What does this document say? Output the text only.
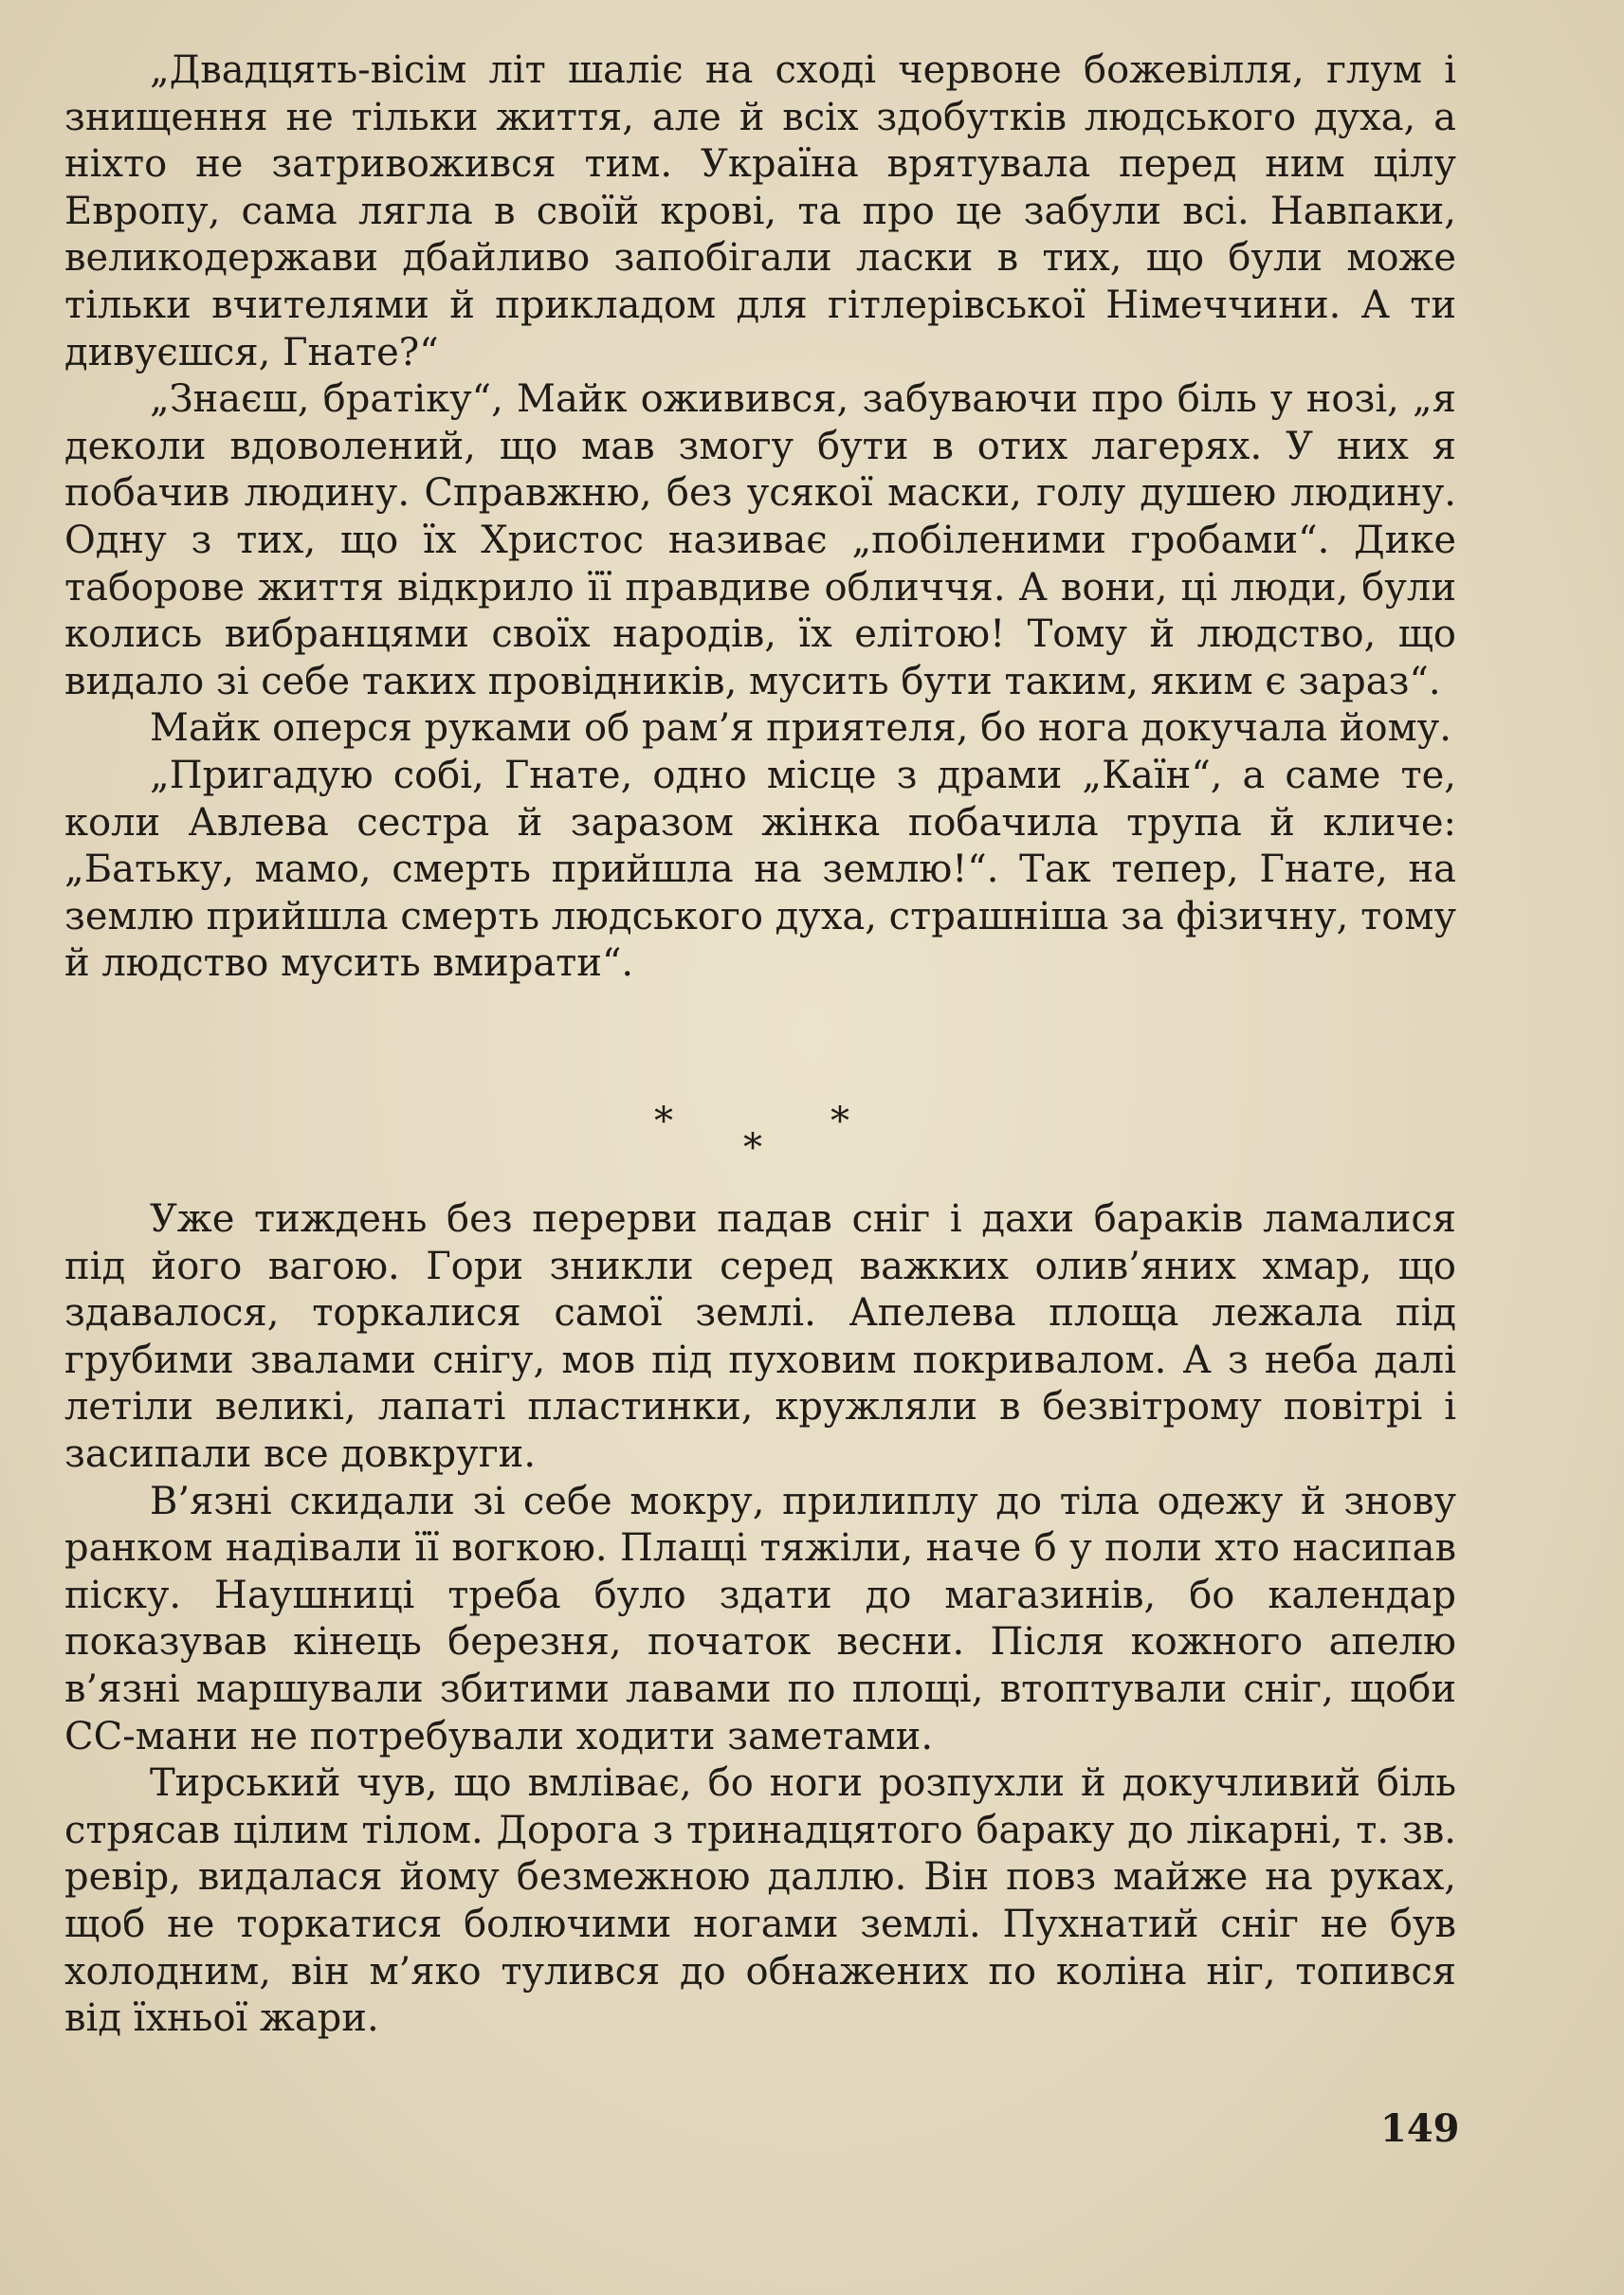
„Двадцять-вісім літ шаліє на сході червоне божевілля, глум і знищення не тільки життя, але й всіх здобутків людського духа, а ніхто не затривожився тим. Україна врятувала перед ним цілу Европу, сама лягла в своїй крові, та про це забули всі. Навпаки, великодержави дбайливо запобігали ласки в тих, що були може тільки вчителями й прикладом для гітлерівської Німеччини. А ти дивуєшся, Гнате?“

„Знаєш, братіку“, Майк оживився, забуваючи про біль у нозі, „я деколи вдоволений, що мав змогу бути в отих лагерях. У них я побачив людину. Справжню, без усякої маски, голу душею людину. Одну з тих, що їх Христос називає „побіленими гробами“. Дике таборове життя відкрило її правдиве обличчя. А вони, ці люди, були колись вибранцями своїх народів, їх елітою! Тому й людство, що видало зі себе таких провідників, мусить бути таким, яким є зараз“.

Майк оперся руками об рам’я приятеля, бо нога докучала йому.

„Пригадую собі, Гнате, одно місце з драми „Каїн“, а саме те, коли Авлева сестра й заразом жінка побачила трупа й кличе: „Батьку, мамо, смерть прийшла на землю!“. Так тепер, Гнате, на землю прийшла смерть людського духа, страшніша за фізичну, тому й людство мусить вмирати“.

*	*
*

Уже тиждень без перерви падав сніг і дахи бараків ламалися під його вагою. Гори зникли серед важких олив’яних хмар, що здавалося, торкалися самої землі. Апелева площа лежала під грубими звалами снігу, мов під пуховим покривалом. А з неба далі летіли великі, лапаті пластинки, кружляли в безвітрому повітрі і засипали все довкруги.

В’язні скидали зі себе мокру, прилиплу до тіла одежу й знову ранком надівали її вогкою. Плащі тяжіли, наче б у поли хто насипав піску. Наушниці треба було здати до магазинів, бо календар показував кінець березня, початок весни. Після кожного апелю в’язні маршували збитими лавами по площі, втоптували сніг, щоби СС-мани не потребували ходити заметами.

Тирський чув, що вмліває, бо ноги розпухли й докучливий біль стрясав цілим тілом. Дорога з тринадцятого бараку до лікарні, т. зв. ревір, видалася йому безмежною даллю. Він повз майже на руках, щоб не торкатися болючими ногами землі. Пухнатий сніг не був холодним, він м’яко тулився до обнажених по коліна ніг, топився від їхньої жари.

149
